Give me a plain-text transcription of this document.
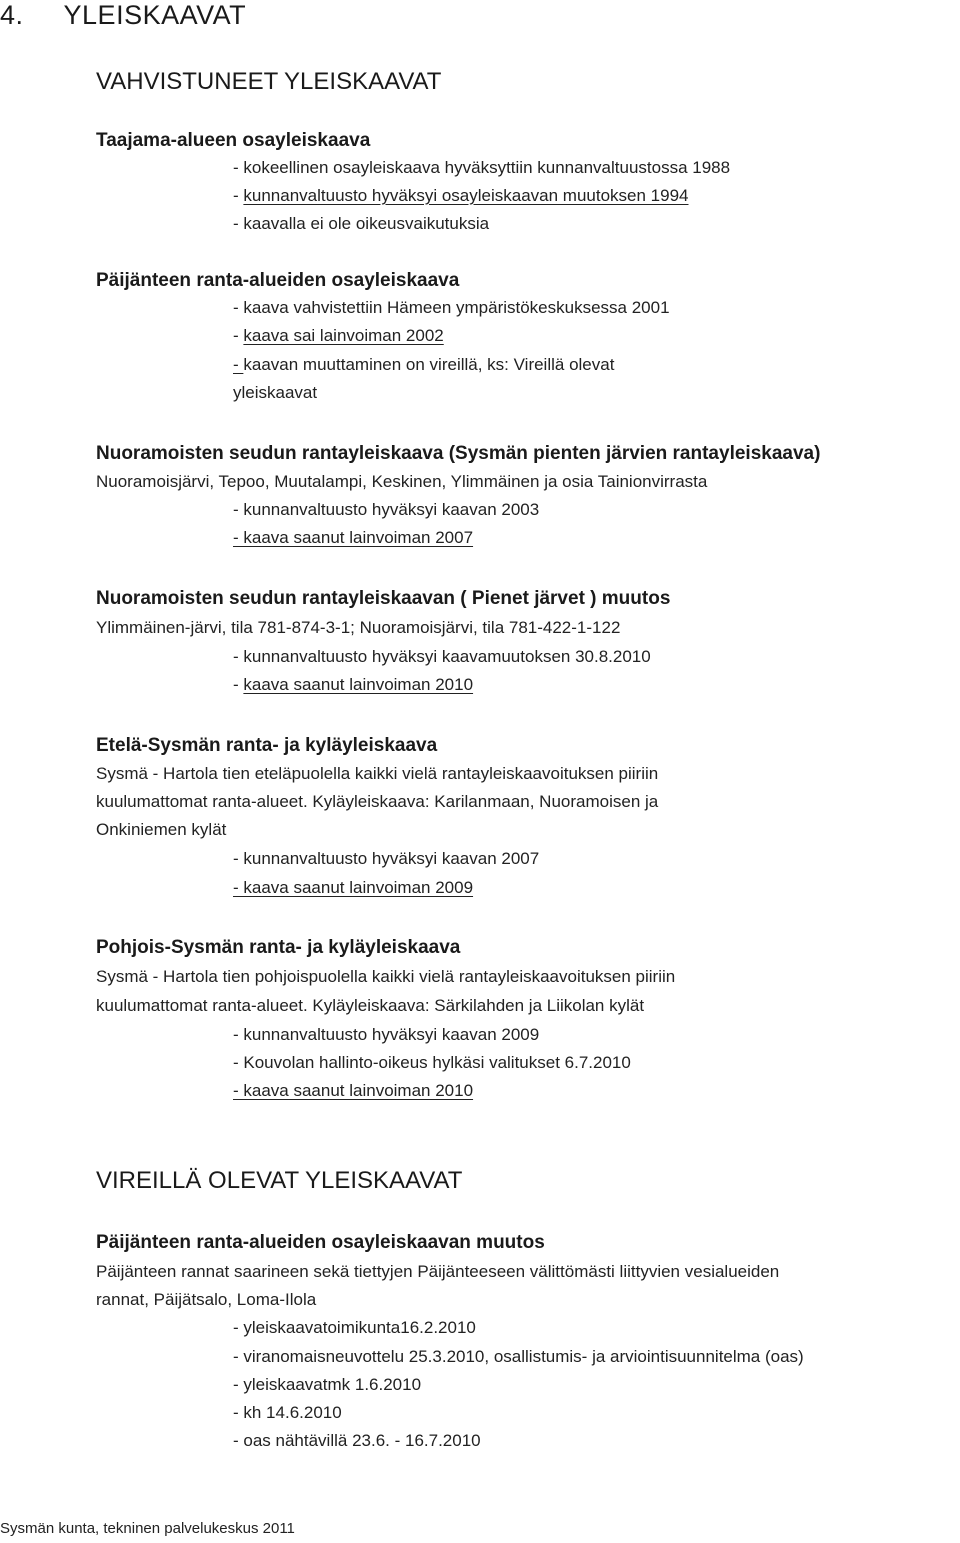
4. YLEISKAAVAT
VAHVISTUNEET YLEISKAAVAT
Taajama-alueen osayleiskaava
- kokeellinen osayleiskaava hyväksyttiin kunnanvaltuustossa 1988
- kunnanvaltuusto hyväksyi osayleiskaavan muutoksen 1994
- kaavalla ei ole oikeusvaikutuksia
Päijänteen ranta-alueiden osayleiskaava
- kaava vahvistettiin Hämeen ympäristökeskuksessa 2001
- kaava sai lainvoiman 2002
- kaavan muuttaminen on vireillä, ks: Vireillä olevat
yleiskaavat
Nuoramoisten seudun rantayleiskaava (Sysmän pienten järvien rantayleiskaava)
Nuoramoisjärvi, Tepoo, Muutalampi, Keskinen, Ylimmäinen ja osia Tainionvirrasta
- kunnanvaltuusto hyväksyi kaavan 2003
- kaava saanut lainvoiman 2007
Nuoramoisten seudun rantayleiskaavan ( Pienet järvet ) muutos
Ylimmäinen-järvi, tila 781-874-3-1; Nuoramoisjärvi, tila 781-422-1-122
- kunnanvaltuusto hyväksyi kaavamuutoksen 30.8.2010
- kaava saanut lainvoiman 2010
Etelä-Sysmän ranta- ja kyläyleiskaava
Sysmä - Hartola tien eteläpuolella kaikki vielä rantayleiskaavoituksen piiriin
kuulumattomat ranta-alueet. Kyläyleiskaava: Karilanmaan, Nuoramoisen ja
Onkiniemen kylät
- kunnanvaltuusto hyväksyi kaavan 2007
- kaava saanut lainvoiman 2009
Pohjois-Sysmän ranta- ja kyläyleiskaava
Sysmä - Hartola tien pohjoispuolella kaikki vielä rantayleiskaavoituksen piiriin
kuulumattomat ranta-alueet. Kyläyleiskaava: Särkilahden ja Liikolan kylät
- kunnanvaltuusto hyväksyi kaavan 2009
- Kouvolan hallinto-oikeus hylkäsi valitukset 6.7.2010
- kaava saanut lainvoiman 2010
VIREILLÄ OLEVAT YLEISKAAVAT
Päijänteen ranta-alueiden osayleiskaavan muutos
Päijänteen rannat saarineen sekä tiettyjen Päijänteeseen välittömästi liittyvien vesialueiden
rannat, Päijätsalo, Loma-Ilola
- yleiskaavatoimikunta16.2.2010
- viranomaisneuvottelu 25.3.2010, osallistumis- ja arviointisuunnitelma (oas)
- yleiskaavatmk 1.6.2010
- kh 14.6.2010
- oas nähtävillä 23.6. - 16.7.2010
Sysmän kunta, tekninen palvelukeskus 2011
